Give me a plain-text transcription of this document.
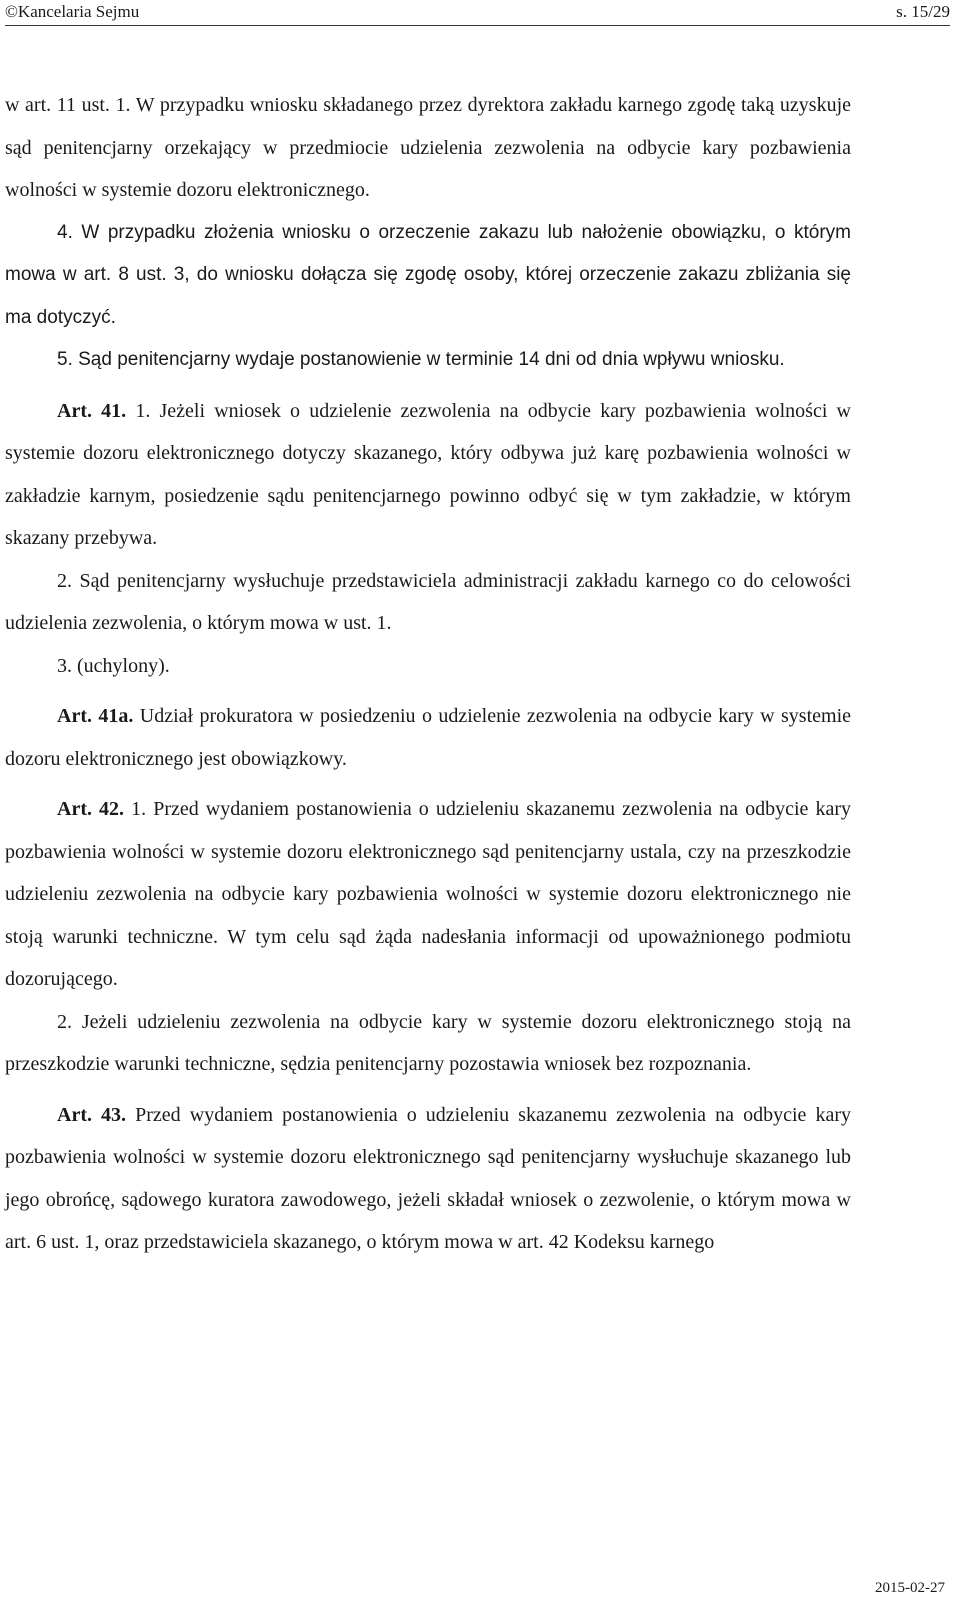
©Kancelaria Sejmu	s. 15/29

w art. 11 ust. 1. W przypadku wniosku składanego przez dyrektora zakładu karnego zgodę taką uzyskuje sąd penitencjarny orzekający w przedmiocie udzielenia zezwolenia na odbycie kary pozbawienia wolności w systemie dozoru elektronicznego.

4. W przypadku złożenia wniosku o orzeczenie zakazu lub nałożenie obowiązku, o którym mowa w art. 8 ust. 3, do wniosku dołącza się zgodę osoby, której orzeczenie zakazu zbliżania się ma dotyczyć.

5. Sąd penitencjarny wydaje postanowienie w terminie 14 dni od dnia wpływu wniosku.

Art. 41. 1. Jeżeli wniosek o udzielenie zezwolenia na odbycie kary pozbawienia wolności w systemie dozoru elektronicznego dotyczy skazanego, który odbywa już karę pozbawienia wolności w zakładzie karnym, posiedzenie sądu penitencjarnego powinno odbyć się w tym zakładzie, w którym skazany przebywa.

2. Sąd penitencjarny wysłuchuje przedstawiciela administracji zakładu karnego co do celowości udzielenia zezwolenia, o którym mowa w ust. 1.

3. (uchylony).

Art. 41a. Udział prokuratora w posiedzeniu o udzielenie zezwolenia na odbycie kary w systemie dozoru elektronicznego jest obowiązkowy.

Art. 42. 1. Przed wydaniem postanowienia o udzieleniu skazanemu zezwolenia na odbycie kary pozbawienia wolności w systemie dozoru elektronicznego sąd penitencjarny ustala, czy na przeszkodzie udzieleniu zezwolenia na odbycie kary pozbawienia wolności w systemie dozoru elektronicznego nie stoją warunki techniczne. W tym celu sąd żąda nadesłania informacji od upoważnionego podmiotu dozorującego.

2. Jeżeli udzieleniu zezwolenia na odbycie kary w systemie dozoru elektronicznego stoją na przeszkodzie warunki techniczne, sędzia penitencjarny pozostawia wniosek bez rozpoznania.

Art. 43. Przed wydaniem postanowienia o udzieleniu skazanemu zezwolenia na odbycie kary pozbawienia wolności w systemie dozoru elektronicznego sąd penitencjarny wysłuchuje skazanego lub jego obrońcę, sądowego kuratora zawodowego, jeżeli składał wniosek o zezwolenie, o którym mowa w art. 6 ust. 1, oraz przedstawiciela skazanego, o którym mowa w art. 42 Kodeksu karnego

2015-02-27
